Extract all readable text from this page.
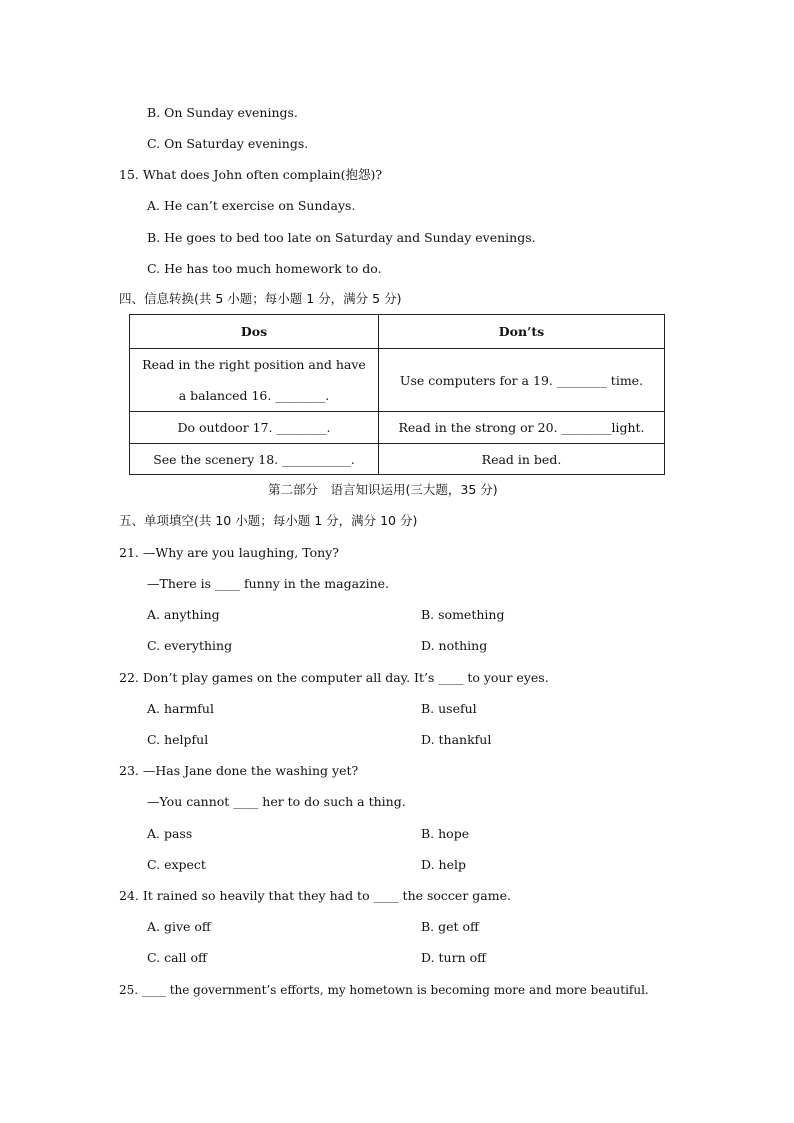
B. On Sunday evenings.
C. On Saturday evenings.
15. What does John often complain(抱怨)?
A. He can’t exercise on Sundays.
B. He goes to bed too late on Saturday and Sunday evenings.
C. He has too much homework to do.
四、信息转换(共 5 小题；每小题 1 分，满分 5 分)
Dos	Don’ts

Read in the right position and have
a balanced 16. ________.	Use computers for a 19. ________ time.
Do outdoor 17. ________.	Read in the strong or 20. ________light.
See the scenery 18. ___________.	Read in bed.
第二部分　语言知识运用(三大题，35 分)
五、单项填空(共 10 小题；每小题 1 分，满分 10 分)
21. —Why are you laughing, Tony?
—There is ____ funny in the magazine.
A. anything	B. something
C. everything	D. nothing
22. Don’t play games on the computer all day. It’s ____ to your eyes.
A. harmful	B. useful
C. helpful	D. thankful
23. —Has Jane done the washing yet?
—You cannot ____ her to do such a thing.
A. pass	B. hope
C. expect	D. help
24. It rained so heavily that they had to ____ the soccer game.
A. give off	B. get off
C. call off	D. turn off
25. ____ the government’s efforts, my hometown is becoming more and more beautiful.
